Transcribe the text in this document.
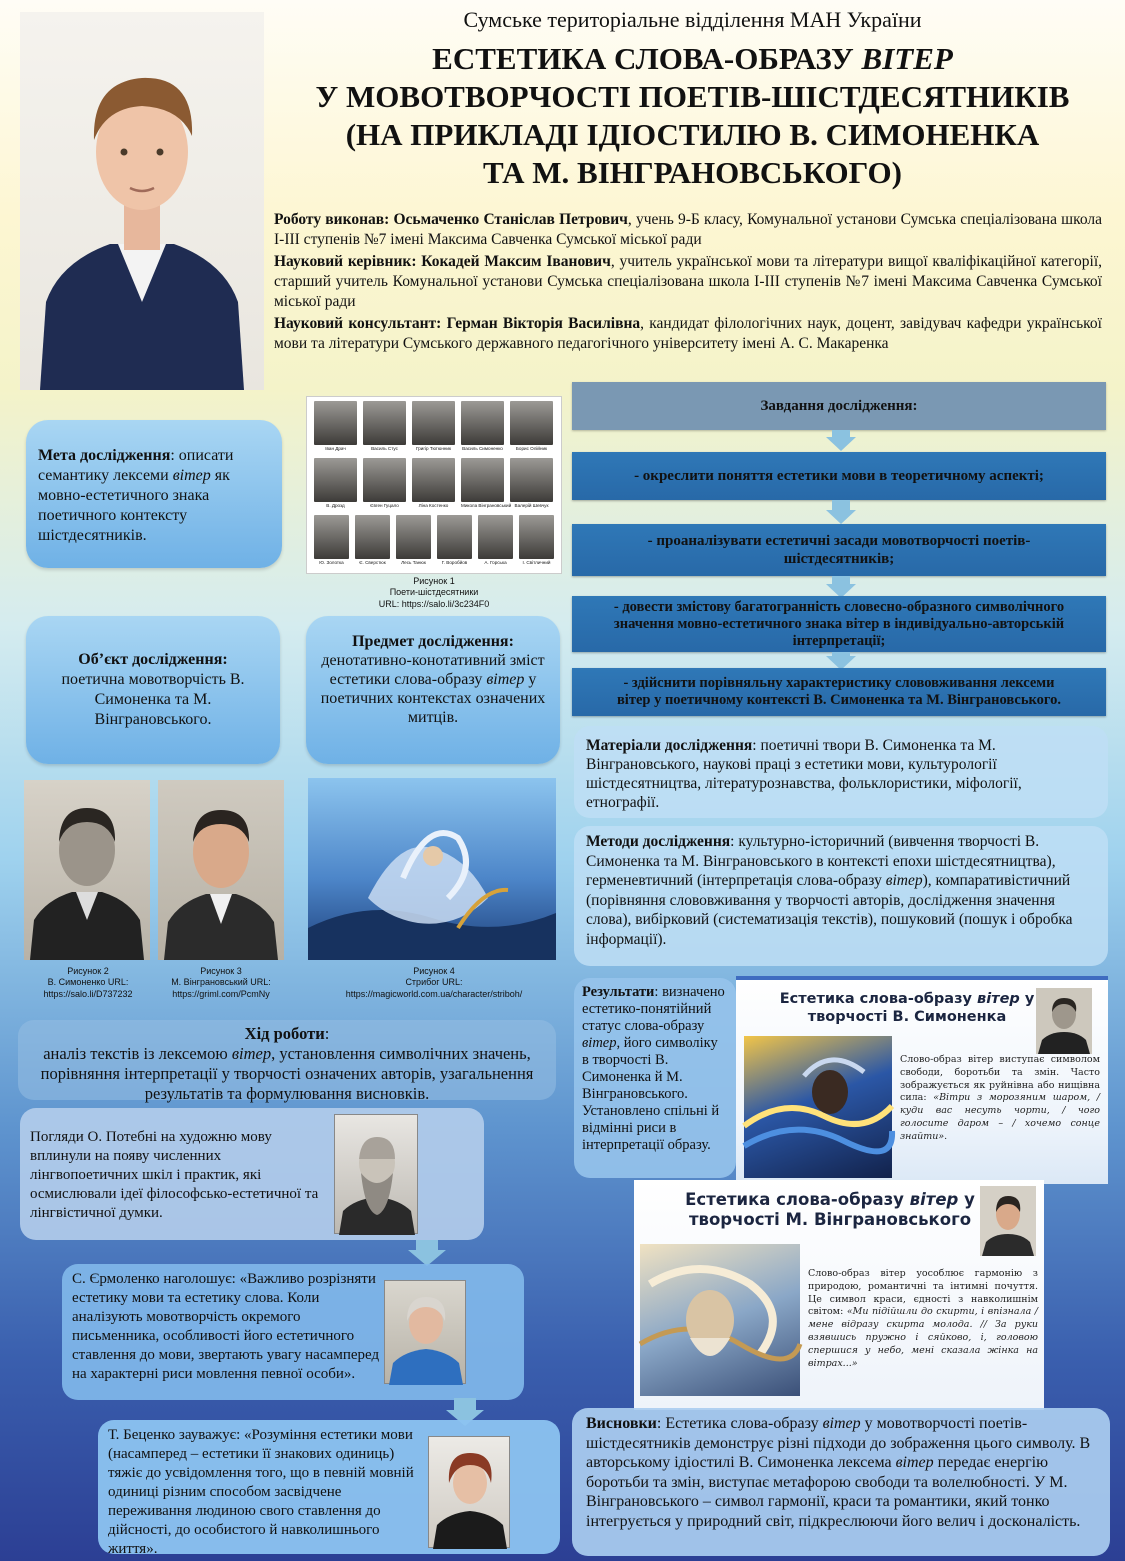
Сумське територіальне відділення МАН України
ЕСТЕТИКА СЛОВА-ОБРАЗУ ВІТЕР
У МОВОТВОРЧОСТІ ПОЕТІВ-ШІСТДЕСЯТНИКІВ
(НА ПРИКЛАДІ ІДІОСТИЛЮ В. СИМОНЕНКА
ТА М. ВІНГРАНОВСЬКОГО)

Роботу виконав: Осьмаченко Станіслав Петрович, учень 9-Б класу, Комунальної установи Сумська спеціалізована школа І-ІІІ ступенів №7 імені Максима Савченка Сумської міської ради

Науковий керівник: Кокадей Максим Іванович, учитель української мови та літератури вищої кваліфікаційної категорії, старший учитель Комунальної установи Сумська спеціалізована школа І-ІІІ ступенів №7 імені Максима Савченка Сумської міської ради

Науковий консультант: Герман Вікторія Василівна, кандидат філологічних наук, доцент, завідувач кафедри української мови та літератури Сумського державного педагогічного університету імені А. С. Макаренка

Мета дослідження: описати семантику лексеми вітер як мовно-естетичного знака поетичного контексту шістдесятників.
Іван Драч	Василь Стус	Григір Тютюнник	Василь Симоненко	Борис Олійник
В. Дрозд	Євген Гуцало	Ліна Костенко	Микола Вінграновський Валерій Шевчук
Ю. Золотка	Є. Сверстюк	Лесь Танюк	Г. Воробйов	А. Горська	І. Світличний
Рисунок 1
Поети-шістдесятники
URL: https://salo.li/3c234F0
Завдання дослідження:
- окреслити поняття естетики мови в теоретичному аспекті;
- проаналізувати естетичні засади мовотворчості поетів-шістдесятників;
- довести змістову багатогранність словесно-образного символічного значення мовно-естетичного знака вітер в індивідуально-авторській інтерпретації;
- здійснити порівняльну характеристику слововживання лексеми вітер у поетичному контексті В. Симоненка та М. Вінграновського.
Об’єкт дослідження:
поетична мовотворчість В. Симоненка та М. Вінграновського.
Предмет дослідження:
денотативно-конотативний зміст естетики слова-образу вітер у поетичних контекстах означених митців.
Матеріали дослідження: поетичні твори В. Симоненка та М. Вінграновського, наукові праці з естетики мови, культурології шістдесятництва, літературознавства, фольклористики, міфології, етнографії.
Методи дослідження: культурно-історичний (вивчення творчості В. Симоненка та М. Вінграновського в контексті епохи шістдесятництва), герменевтичний (інтерпретація слова-образу вітер), компаративістичний (порівняння слововживання у творчості авторів, дослідження значення слова), вибірковий (систематизація текстів), пошуковий (пошук і обробка інформації).
Рисунок 2
В. Симоненко URL:
https://salo.li/D737232
Рисунок 3
М. Вінграновський URL:
https://griml.com/PcmNy
Рисунок 4
Стрибог URL:
https://magicworld.com.ua/character/striboh/
Хід роботи:
аналіз текстів із лексемою вітер, установлення символічних значень, порівняння інтерпретації у творчості означених авторів, узагальнення результатів та формулювання висновків.
Погляди О. Потебні на художню мову вплинули на появу численних лінгвопоетичних шкіл і практик, які осмислювали ідеї філософсько-естетичної та лінгвістичної думки.
С. Єрмоленко наголошує: «Важливо розрізняти естетику мови та естетику слова. Коли аналізують мовотворчість окремого письменника, особливості його естетичного ставлення до мови, звертають увагу насамперед на характерні риси мовлення певної особи».
Т. Беценко зауважує: «Розуміння естетики мови (насамперед – естетики її знакових одиниць) тяжіє до усвідомлення того, що в певній мовній одиниці різним способом засвідчене переживання людиною свого ставлення до дійсності, до особистого й навколишнього життя».
Результати: визначено естетико-понятійний статус слова-образу вітер, його символіку в творчості В. Симоненка й М. Вінграновського. Установлено спільні й відмінні риси в інтерпретації образу.
Естетика слова-образу вітер у творчості В. Симоненка
Слово-образ вітер виступає символом свободи, боротьби та змін. Часто зображується як руйнівна або нищівна сила: «Вітри з морозяним шаром, / куди вас несуть чорти, / чого голосите даром – / хочемо сонце знайти».
Естетика слова-образу вітер у творчості М. Вінграновського
Слово-образ вітер уособлює гармонію з природою, романтичні та інтимні почуття. Це символ краси, єдності з навколишнім світом: «Ми підійшли до скирти, і впізнала / мене відразу скирта молода. // За руки взявшись пружно і сяйково, і, головою спершися у небо, мені сказала жінка на вітрах...»
Висновки: Естетика слова-образу вітер у мовотворчості поетів-шістдесятників демонструє різні підходи до зображення цього символу. В авторському ідіостилі В. Симоненка лексема вітер передає енергію боротьби та змін, виступає метафорою свободи та волелюбності. У М. Вінграновського – символ гармонії, краси та романтики, який тонко інтегрується у природний світ, підкреслюючи його велич і досконалість.
